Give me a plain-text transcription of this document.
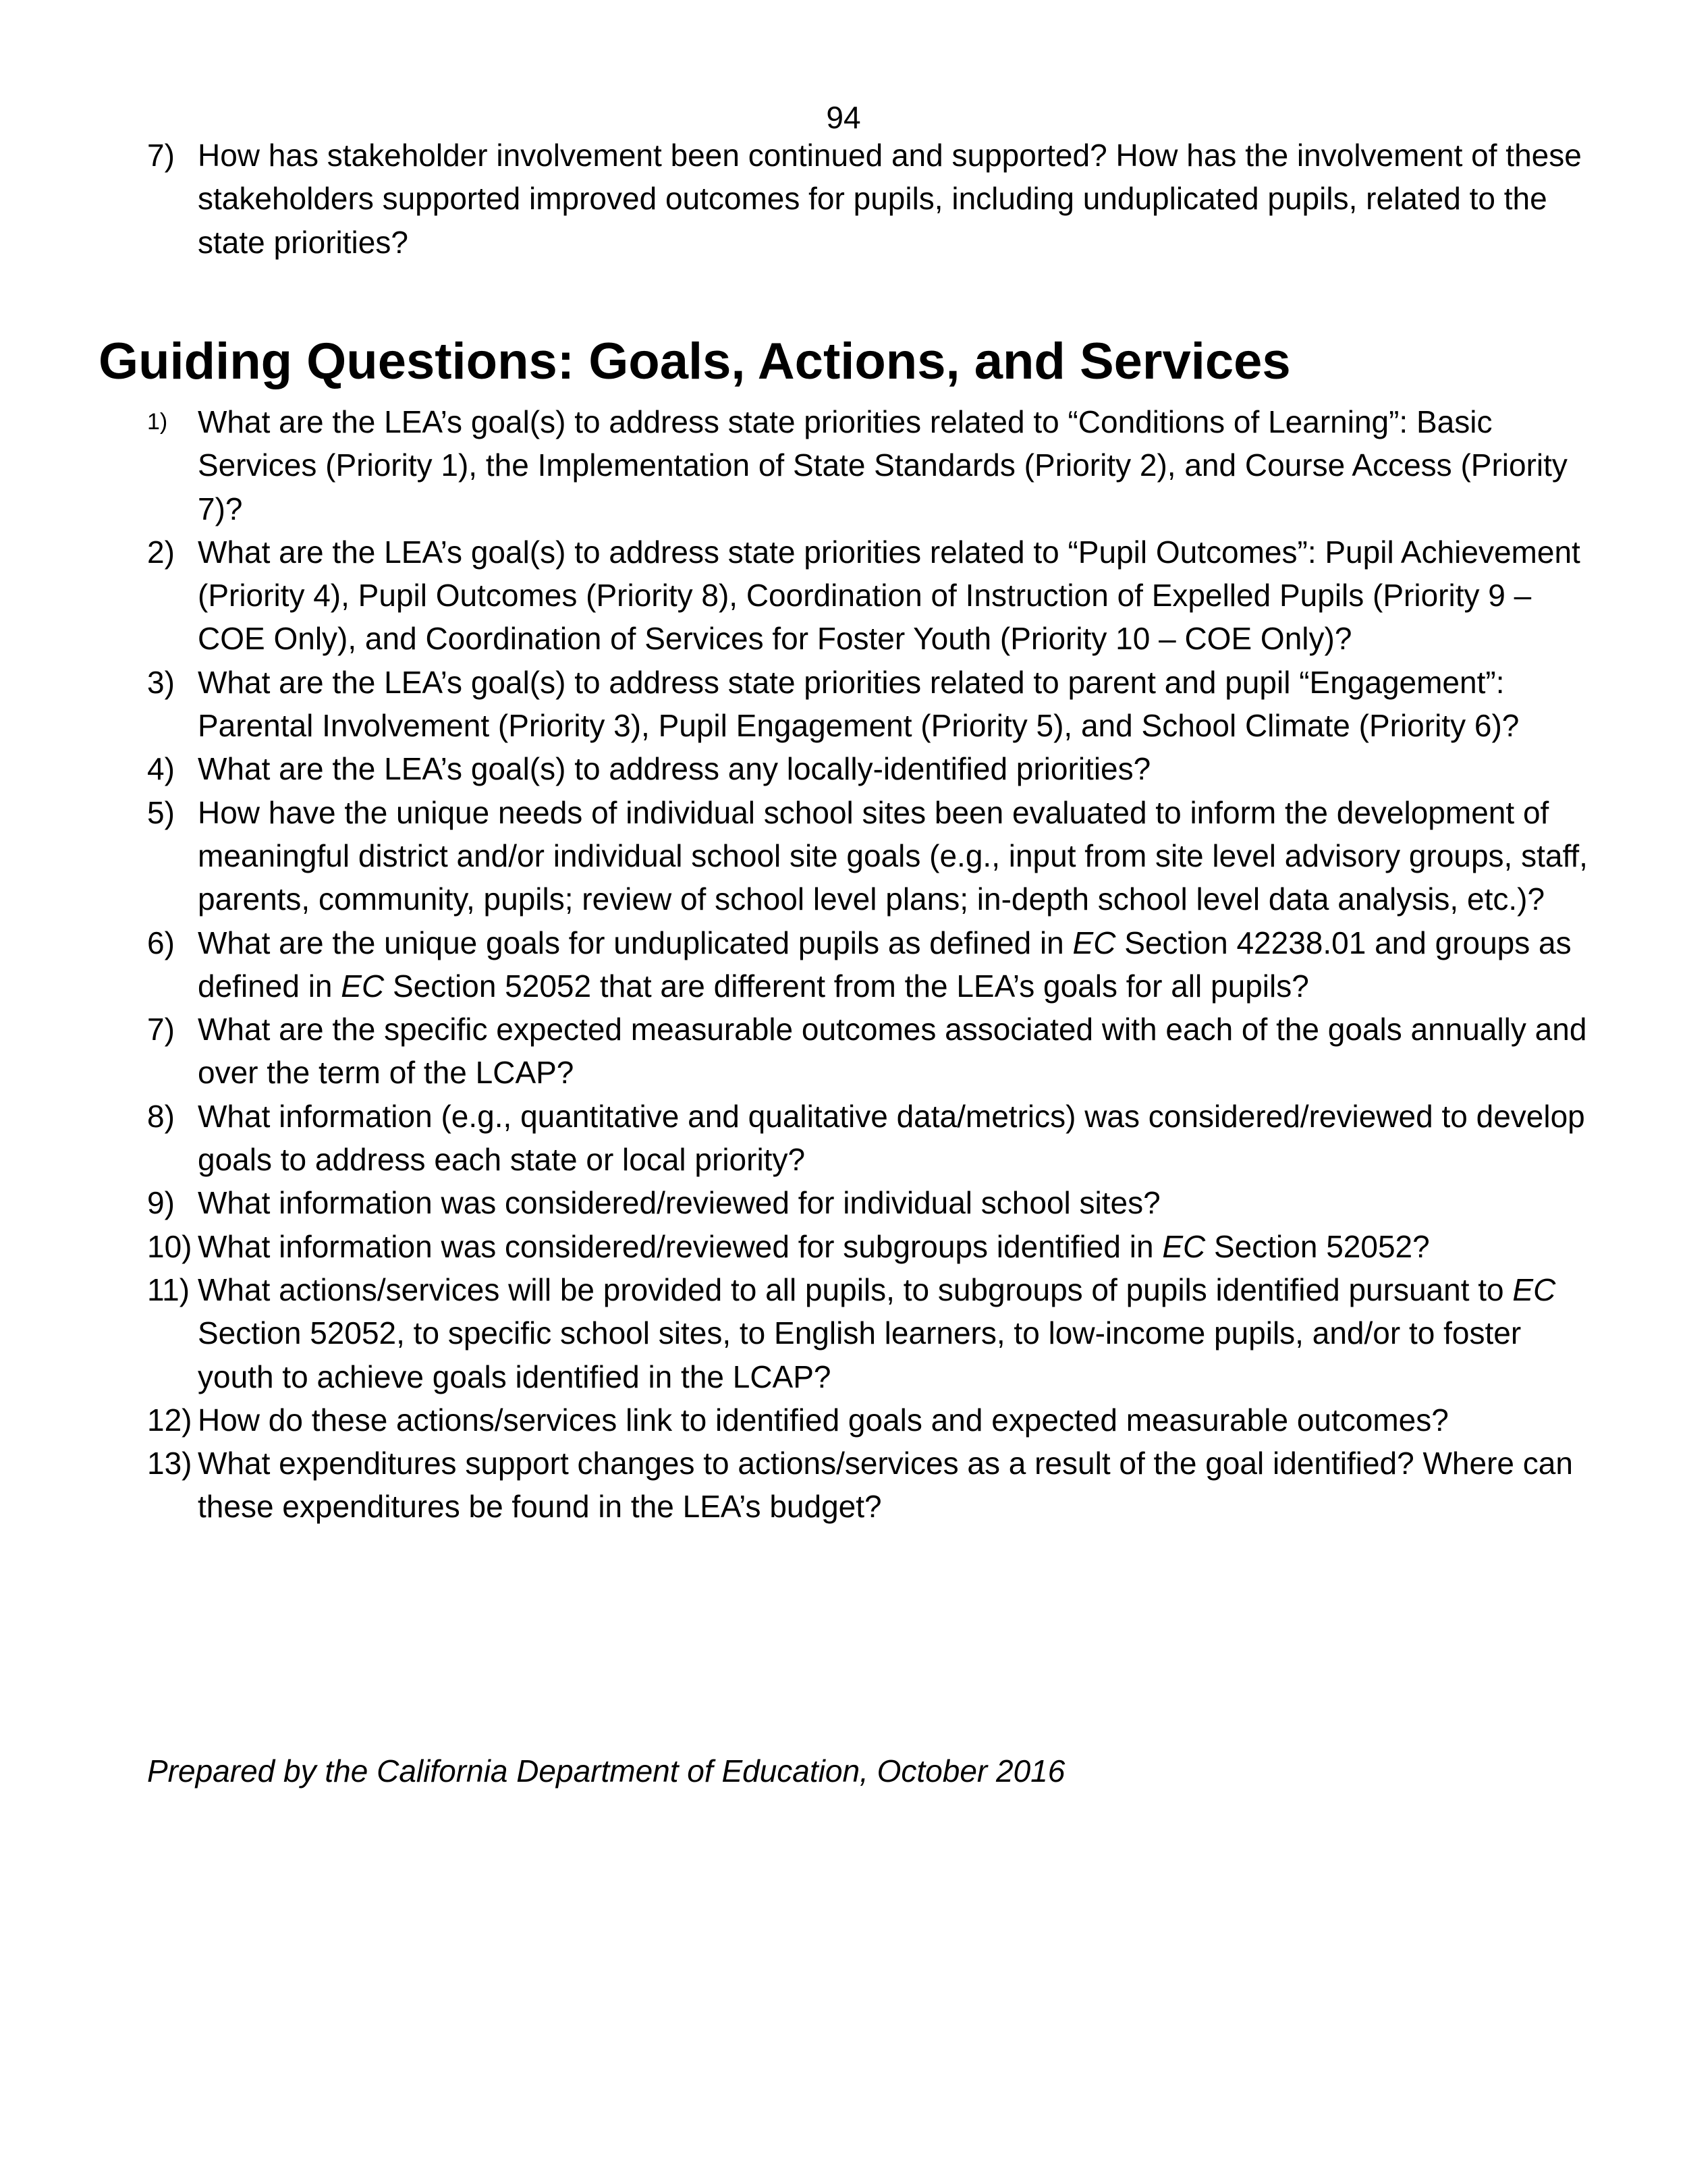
94
7) How has stakeholder involvement been continued and supported? How has the involvement of these stakeholders supported improved outcomes for pupils, including unduplicated pupils, related to the state priorities?
Guiding Questions: Goals, Actions, and Services
1) What are the LEA’s goal(s) to address state priorities related to “Conditions of Learning”: Basic Services (Priority 1), the Implementation of State Standards (Priority 2), and Course Access (Priority 7)?
2) What are the LEA’s goal(s) to address state priorities related to “Pupil Outcomes”: Pupil Achievement (Priority 4), Pupil Outcomes (Priority 8), Coordination of Instruction of Expelled Pupils (Priority 9 – COE Only), and Coordination of Services for Foster Youth (Priority 10 – COE Only)?
3) What are the LEA’s goal(s) to address state priorities related to parent and pupil “Engagement”: Parental Involvement (Priority 3), Pupil Engagement (Priority 5), and School Climate (Priority 6)?
4) What are the LEA’s goal(s) to address any locally-identified priorities?
5) How have the unique needs of individual school sites been evaluated to inform the development of meaningful district and/or individual school site goals (e.g., input from site level advisory groups, staff, parents, community, pupils; review of school level plans; in-depth school level data analysis, etc.)?
6) What are the unique goals for unduplicated pupils as defined in EC Section 42238.01 and groups as defined in EC Section 52052 that are different from the LEA’s goals for all pupils?
7) What are the specific expected measurable outcomes associated with each of the goals annually and over the term of the LCAP?
8) What information (e.g., quantitative and qualitative data/metrics) was considered/reviewed to develop goals to address each state or local priority?
9) What information was considered/reviewed for individual school sites?
10) What information was considered/reviewed for subgroups identified in EC Section 52052?
11) What actions/services will be provided to all pupils, to subgroups of pupils identified pursuant to EC Section 52052, to specific school sites, to English learners, to low-income pupils, and/or to foster youth to achieve goals identified in the LCAP?
12) How do these actions/services link to identified goals and expected measurable outcomes?
13) What expenditures support changes to actions/services as a result of the goal identified? Where can these expenditures be found in the LEA’s budget?
Prepared by the California Department of Education, October 2016
